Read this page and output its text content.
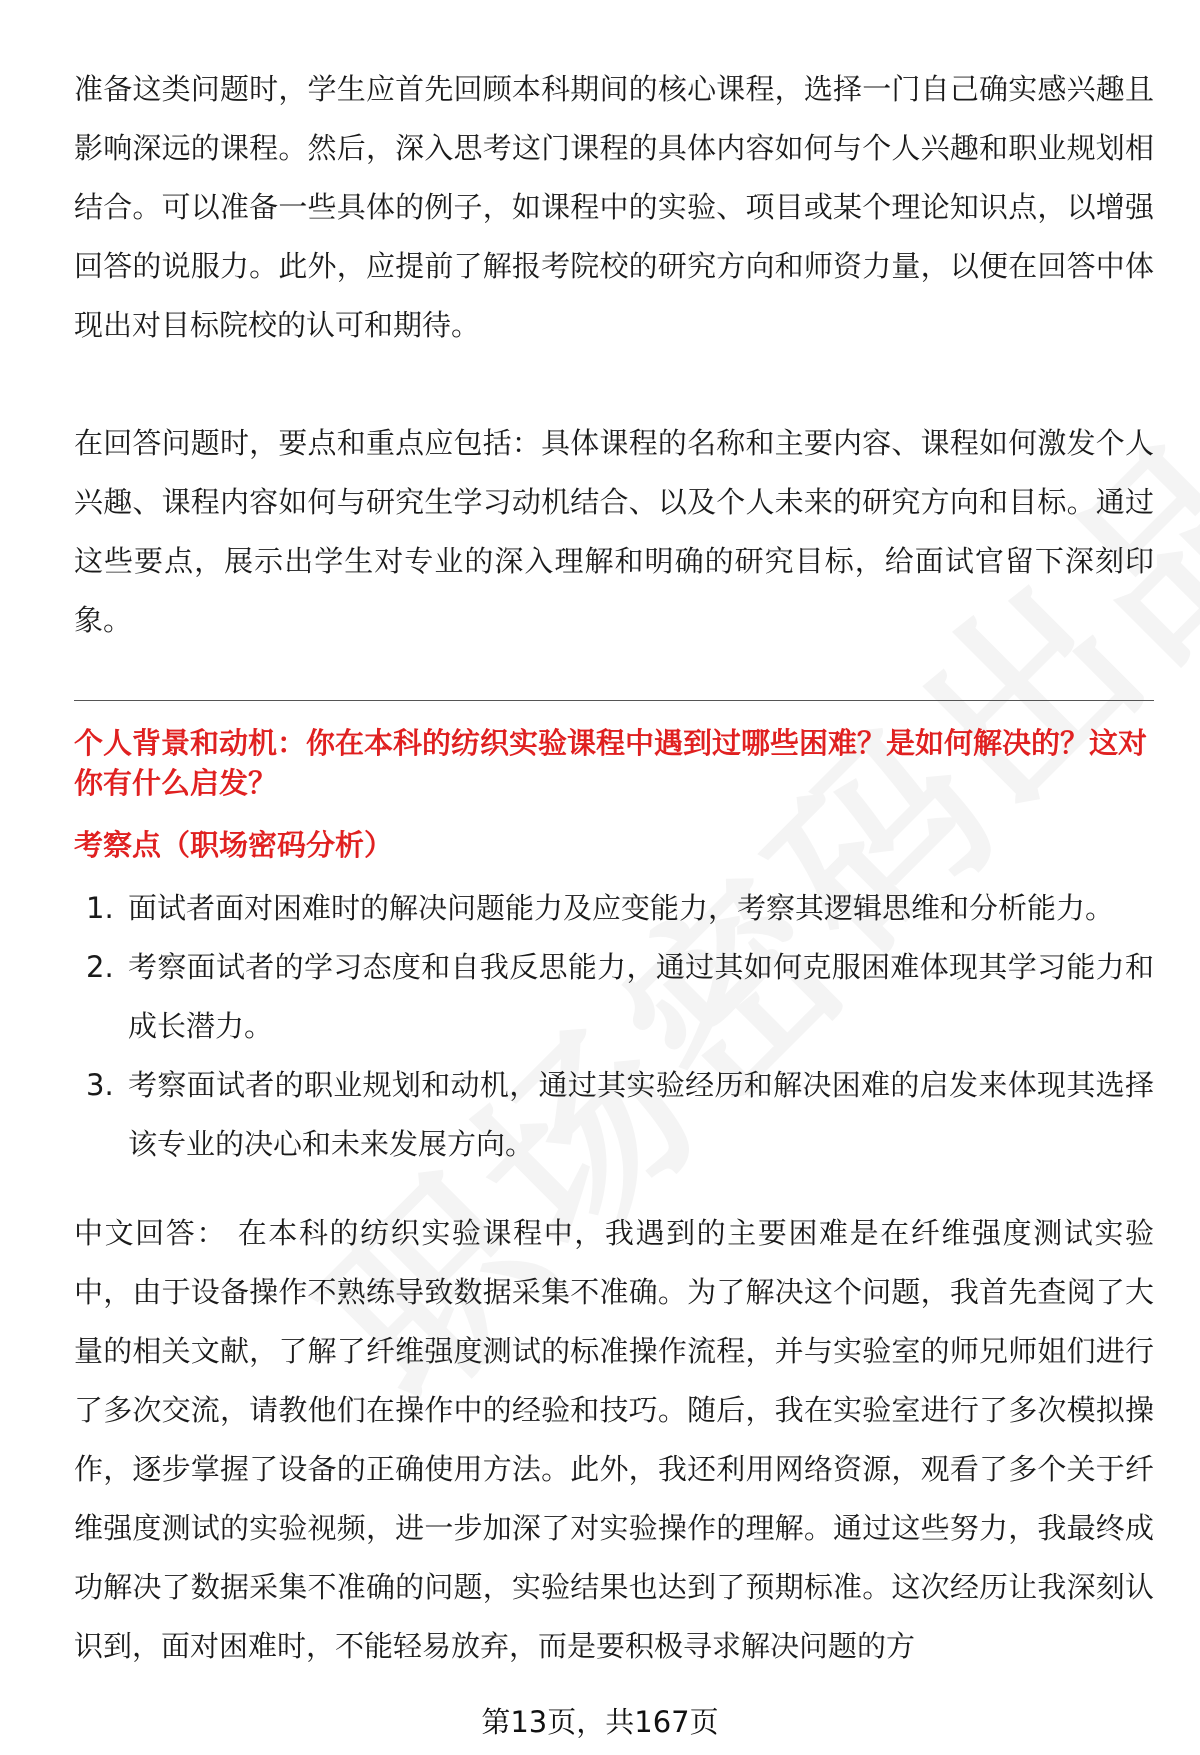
准备这类问题时，学生应首先回顾本科期间的核心课程，选择一门自己确实感兴趣且影响深远的课程。然后，深入思考这门课程的具体内容如何与个人兴趣和职业规划相结合。可以准备一些具体的例子，如课程中的实验、项目或某个理论知识点，以增强回答的说服力。此外，应提前了解报考院校的研究方向和师资力量，以便在回答中体现出对目标院校的认可和期待。

在回答问题时，要点和重点应包括：具体课程的名称和主要内容、课程如何激发个人兴趣、课程内容如何与研究生学习动机结合、以及个人未来的研究方向和目标。通过这些要点，展示出学生对专业的深入理解和明确的研究目标，给面试官留下深刻印象。

个人背景和动机：你在本科的纺织实验课程中遇到过哪些困难？是如何解决的？这对你有什么启发？

考察点（职场密码分析）

1. 面试者面对困难时的解决问题能力及应变能力，考察其逻辑思维和分析能力。
2. 考察面试者的学习态度和自我反思能力，通过其如何克服困难体现其学习能力和成长潜力。
3. 考察面试者的职业规划和动机，通过其实验经历和解决困难的启发来体现其选择该专业的决心和未来发展方向。

中文回答： 在本科的纺织实验课程中，我遇到的主要困难是在纤维强度测试实验中，由于设备操作不熟练导致数据采集不准确。为了解决这个问题，我首先查阅了大量的相关文献，了解了纤维强度测试的标准操作流程，并与实验室的师兄师姐们进行了多次交流，请教他们在操作中的经验和技巧。随后，我在实验室进行了多次模拟操作，逐步掌握了设备的正确使用方法。此外，我还利用网络资源，观看了多个关于纤维强度测试的实验视频，进一步加深了对实验操作的理解。通过这些努力，我最终成功解决了数据采集不准确的问题，实验结果也达到了预期标准。这次经历让我深刻认识到，面对困难时，不能轻易放弃，而是要积极寻求解决问题的方

第13页，共167页
